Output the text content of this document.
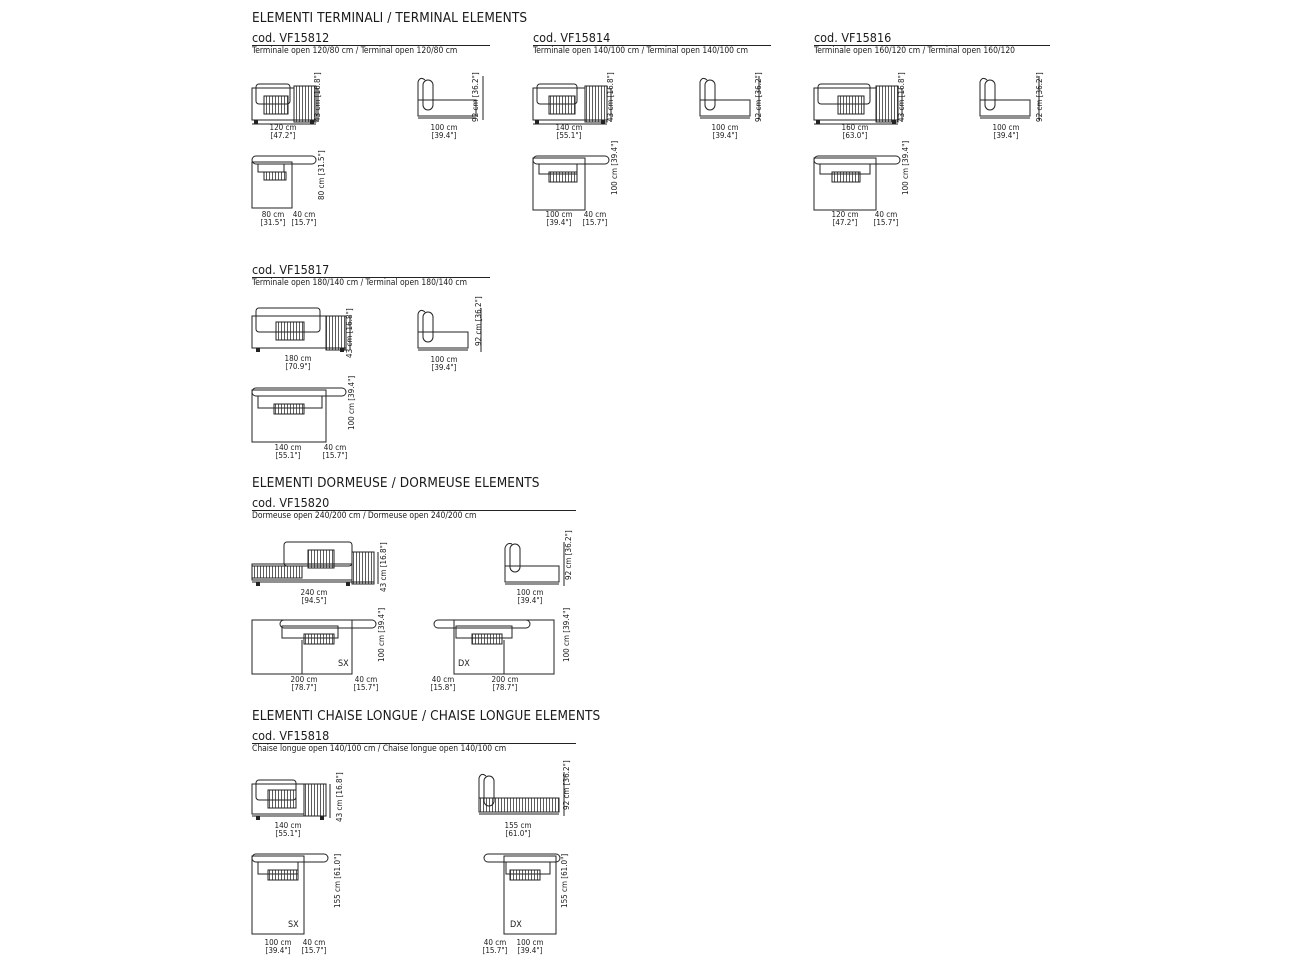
ELEMENTI TERMINALI / TERMINAL ELEMENTS
cod. VF15812
Terminale open 120/80 cm / Terminal open 120/80 cm
120 cm
[47.2"]
43 cm [16.8"]
100 cm
[39.4"]
92 cm [36.2"]
80 cm
[31.5"]
40 cm
[15.7"]
80 cm [31.5"]
cod. VF15814
Terminale open 140/100 cm / Terminal open 140/100 cm
140 cm
[55.1"]
43 cm [16.8"]
100 cm
[39.4"]
92 cm [36.2"]
100 cm
[39.4"]
40 cm
[15.7"]
100 cm [39.4"]
cod. VF15816
Terminale open 160/120 cm / Terminal open 160/120
160 cm
[63.0"]
43 cm [16.8"]
100 cm
[39.4"]
92 cm [36.2"]
120 cm
[47.2"]
40 cm
[15.7"]
100 cm [39.4"]
cod. VF15817
Terminale open 180/140 cm / Terminal open 180/140 cm
180 cm
[70.9"]
43 cm [16.8"]
100 cm
[39.4"]
92 cm [36.2"]
140 cm
[55.1"]
40 cm
[15.7"]
100 cm [39.4"]
ELEMENTI DORMEUSE / DORMEUSE ELEMENTS
cod. VF15820
Dormeuse open 240/200 cm / Dormeuse open 240/200 cm
240 cm
[94.5"]
43 cm [16.8"]
100 cm
[39.4"]
92 cm [36.2"]
SX
200 cm
[78.7"]
40 cm
[15.7"]
100 cm [39.4"]
DX
40 cm
[15.8"]
200 cm
[78.7"]
100 cm [39.4"]
ELEMENTI CHAISE LONGUE / CHAISE LONGUE ELEMENTS
cod. VF15818
Chaise longue open 140/100 cm / Chaise longue open 140/100 cm
140 cm
[55.1"]
43 cm [16.8"]
155 cm
[61.0"]
92 cm [36.2"]
SX
100 cm
[39.4"]
40 cm
[15.7"]
155 cm [61.0"]
DX
40 cm
[15.7"]
100 cm
[39.4"]
155 cm [61.0"]
